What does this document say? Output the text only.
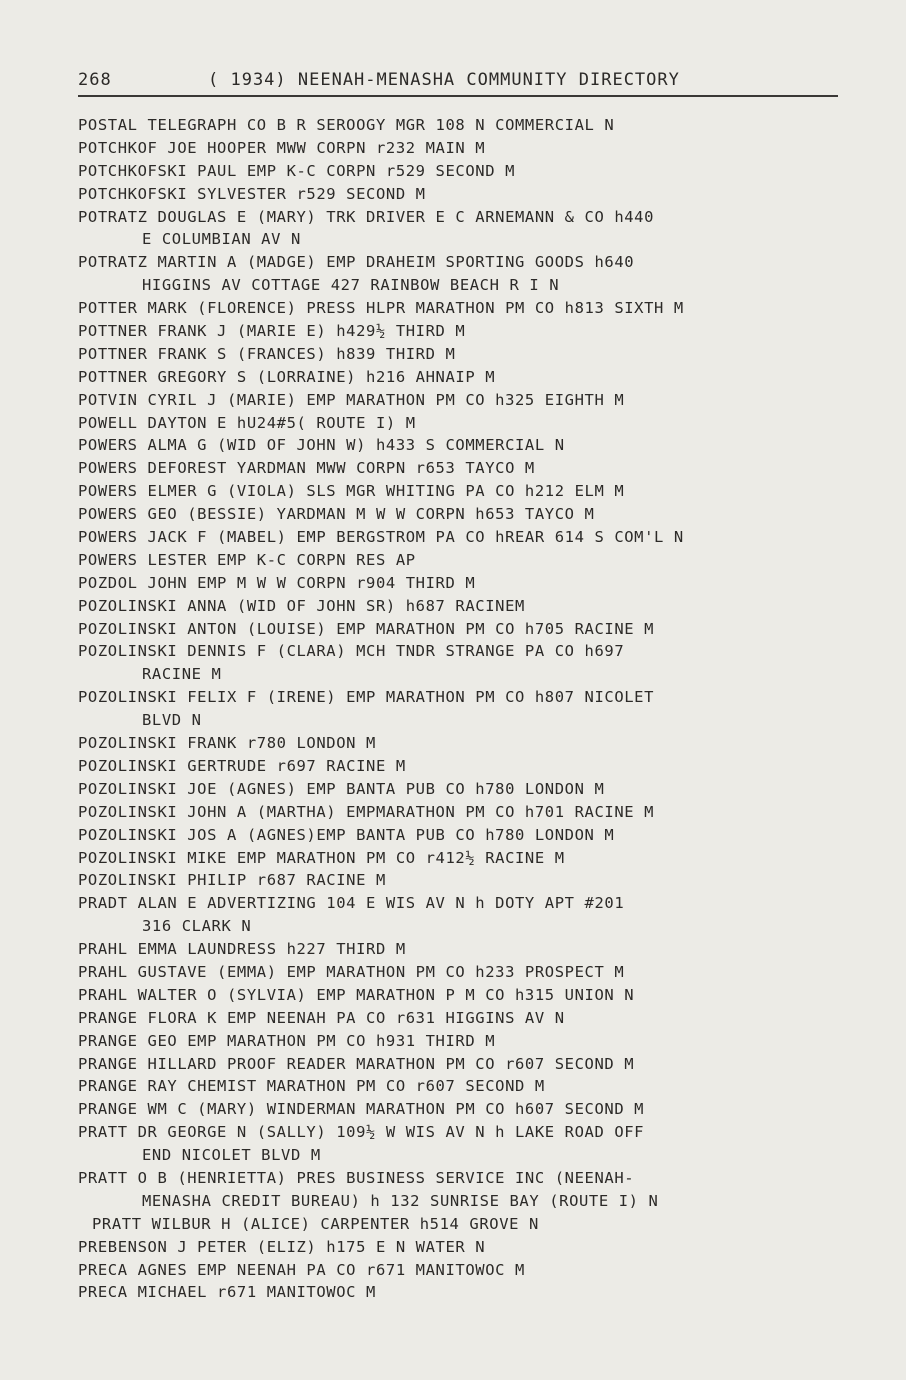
268	( 1934) NEENAH-MENASHA COMMUNITY DIRECTORY
POSTAL TELEGRAPH CO B R SEROOGY MGR 108 N COMMERCIAL N
POTCHKOF JOE HOOPER MWW CORPN r232 MAIN M
POTCHKOFSKI PAUL EMP K-C CORPN r529 SECOND M
POTCHKOFSKI SYLVESTER r529 SECOND M
POTRATZ DOUGLAS E (MARY) TRK DRIVER E C ARNEMANN & CO h440
E COLUMBIAN AV N
POTRATZ MARTIN A (MADGE) EMP DRAHEIM SPORTING GOODS h640
HIGGINS AV COTTAGE 427 RAINBOW BEACH R I N
POTTER MARK (FLORENCE) PRESS HLPR MARATHON PM CO h813 SIXTH M
POTTNER FRANK J (MARIE E) h429½ THIRD M
POTTNER FRANK S (FRANCES) h839 THIRD M
POTTNER GREGORY S (LORRAINE) h216 AHNAIP M
POTVIN CYRIL J (MARIE) EMP MARATHON PM CO h325 EIGHTH M
POWELL DAYTON E hU24#5( ROUTE I) M
POWERS ALMA G (WID OF JOHN W) h433 S COMMERCIAL N
POWERS DEFOREST YARDMAN MWW CORPN r653 TAYCO M
POWERS ELMER G (VIOLA) SLS MGR WHITING PA CO h212 ELM M
POWERS GEO (BESSIE) YARDMAN M W W CORPN h653 TAYCO M
POWERS JACK F (MABEL) EMP BERGSTROM PA CO hREAR 614 S COM'L N
POWERS LESTER EMP K-C CORPN RES AP
POZDOL JOHN EMP M W W CORPN r904 THIRD M
POZOLINSKI ANNA (WID OF JOHN SR) h687 RACINEM
POZOLINSKI ANTON (LOUISE) EMP MARATHON PM CO h705 RACINE M
POZOLINSKI DENNIS F (CLARA) MCH TNDR STRANGE PA CO h697
RACINE M
POZOLINSKI FELIX F (IRENE) EMP MARATHON PM CO h807 NICOLET
BLVD N
POZOLINSKI FRANK r780 LONDON M
POZOLINSKI GERTRUDE r697 RACINE M
POZOLINSKI JOE (AGNES) EMP BANTA PUB CO h780 LONDON M
POZOLINSKI JOHN A (MARTHA) EMPMARATHON PM CO h701 RACINE M
POZOLINSKI JOS A (AGNES)EMP BANTA PUB CO h780 LONDON M
POZOLINSKI MIKE EMP MARATHON PM CO r412½ RACINE M
POZOLINSKI PHILIP r687 RACINE M
PRADT ALAN E ADVERTIZING 104 E WIS AV N h DOTY APT #201
316 CLARK N
PRAHL EMMA LAUNDRESS h227 THIRD M
PRAHL GUSTAVE (EMMA) EMP MARATHON PM CO h233 PROSPECT M
PRAHL WALTER O (SYLVIA) EMP MARATHON P M CO h315 UNION N
PRANGE FLORA K EMP NEENAH PA CO r631 HIGGINS AV N
PRANGE GEO EMP MARATHON PM CO h931 THIRD M
PRANGE HILLARD PROOF READER MARATHON PM CO r607 SECOND M
PRANGE RAY CHEMIST MARATHON PM CO r607 SECOND M
PRANGE WM C (MARY) WINDERMAN MARATHON PM CO h607 SECOND M
PRATT DR GEORGE N (SALLY) 109½ W WIS AV N h LAKE ROAD OFF
END NICOLET BLVD M
PRATT O B (HENRIETTA) PRES BUSINESS SERVICE INC (NEENAH-
MENASHA CREDIT BUREAU) h 132 SUNRISE BAY (ROUTE I) N
PRATT WILBUR H (ALICE) CARPENTER h514 GROVE N
PREBENSON J PETER (ELIZ) h175 E N WATER N
PRECA AGNES EMP NEENAH PA CO r671 MANITOWOC M
PRECA MICHAEL r671 MANITOWOC M
